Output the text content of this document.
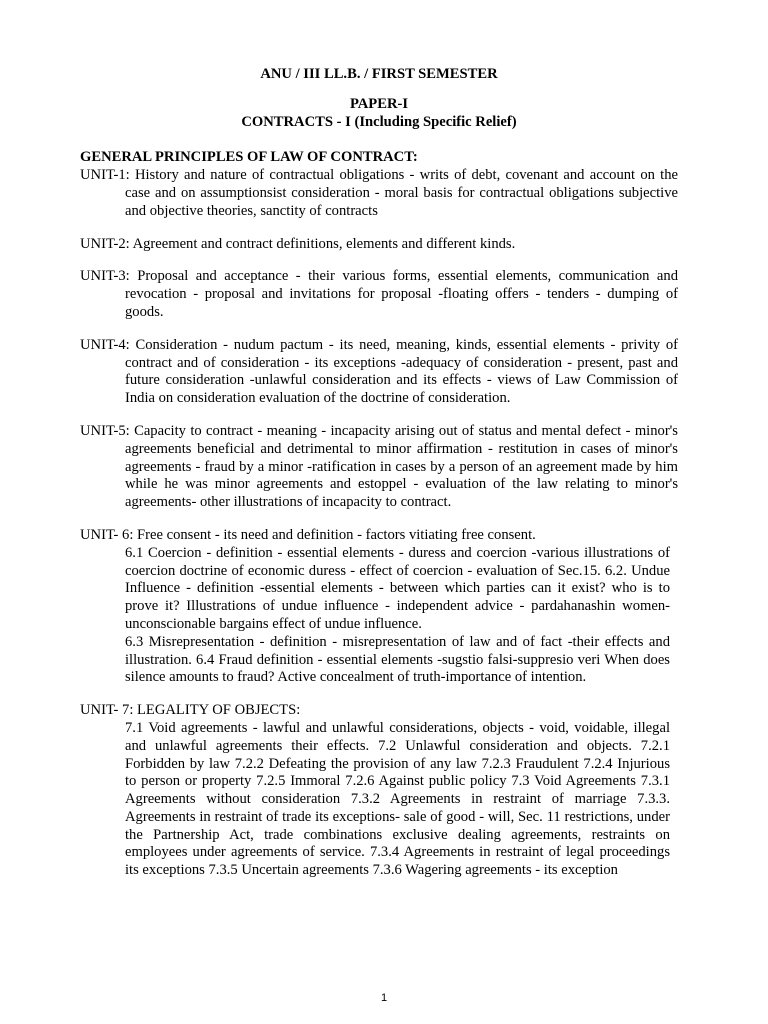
ANU / III LL.B. / FIRST SEMESTER
PAPER-I
CONTRACTS - I (Including Specific Relief)
GENERAL PRINCIPLES OF LAW OF CONTRACT:

UNIT-1: History and nature of contractual obligations - writs of debt, covenant and account on the case and on assumptionsist consideration - moral basis for contractual obligations subjective and objective theories, sanctity of contracts

UNIT-2: Agreement and contract definitions, elements and different kinds.

UNIT-3: Proposal and acceptance - their various forms, essential elements, communication and revocation - proposal and invitations for proposal -floating offers - tenders - dumping of goods.

UNIT-4: Consideration - nudum pactum - its need, meaning, kinds, essential elements - privity of contract and of consideration - its exceptions -adequacy of consideration - present, past and future consideration -unlawful consideration and its effects - views of Law Commission of India on consideration evaluation of the doctrine of consideration.

UNIT-5: Capacity to contract - meaning - incapacity arising out of status and mental defect - minor's agreements beneficial and detrimental to minor affirmation - restitution in cases of minor's agreements - fraud by a minor -ratification in cases by a person of an agreement made by him while he was minor agreements and estoppel - evaluation of the law relating to minor's agreements- other illustrations of incapacity to contract.

UNIT- 6: Free consent - its need and definition - factors vitiating free consent.

6.1 Coercion - definition - essential elements - duress and coercion -various illustrations of coercion doctrine of economic duress - effect of coercion - evaluation of Sec.15. 6.2. Undue Influence - definition -essential elements - between which parties can it exist? who is to prove it? Illustrations of undue influence - independent advice - pardahanashin women- unconscionable bargains effect of undue influence.

6.3 Misrepresentation - definition - misrepresentation of law and of fact -their effects and illustration. 6.4 Fraud definition - essential elements -sugstio falsi-suppresio veri When does silence amounts to fraud? Active concealment of truth-importance of intention.

UNIT- 7: LEGALITY OF OBJECTS:

7.1 Void agreements - lawful and unlawful considerations, objects - void, voidable, illegal and unlawful agreements their effects. 7.2 Unlawful consideration and objects. 7.2.1 Forbidden by law 7.2.2 Defeating the provision of any law 7.2.3 Fraudulent 7.2.4 Injurious to person or property 7.2.5 Immoral 7.2.6 Against public policy 7.3 Void Agreements 7.3.1 Agreements without consideration 7.3.2 Agreements in restraint of marriage 7.3.3. Agreements in restraint of trade its exceptions- sale of good - will, Sec. 11 restrictions, under the Partnership Act, trade combinations exclusive dealing agreements, restraints on employees under agreements of service. 7.3.4 Agreements in restraint of legal proceedings its exceptions 7.3.5 Uncertain agreements 7.3.6 Wagering agreements - its exception

1
